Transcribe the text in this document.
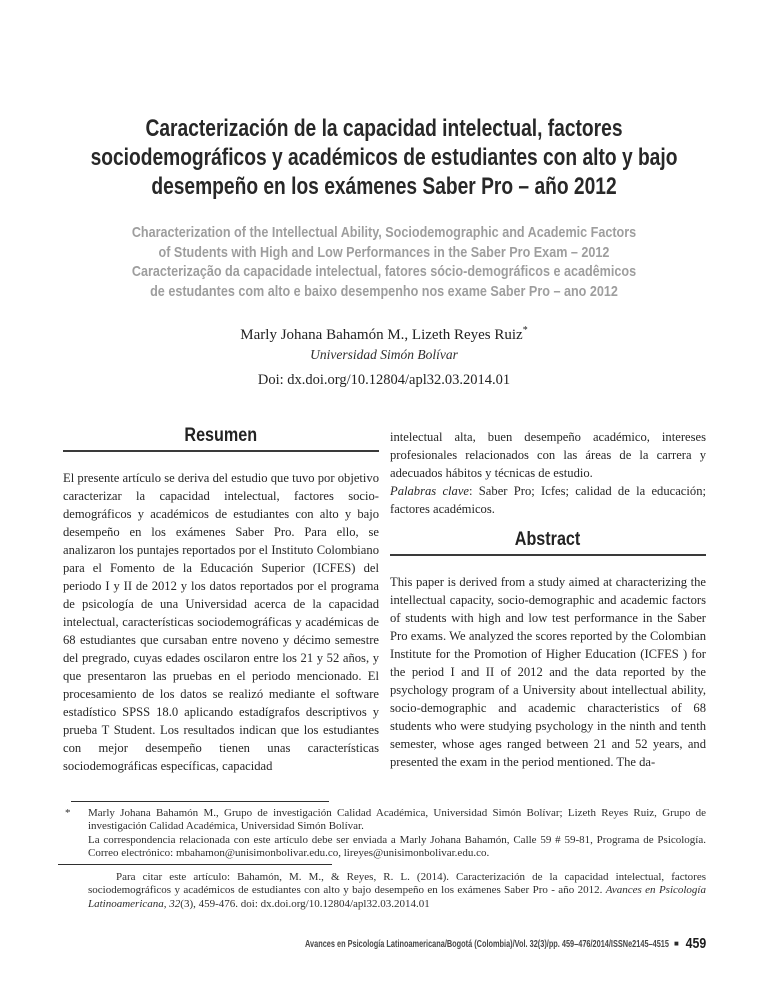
Caracterización de la capacidad intelectual, factores
sociodemográficos y académicos de estudiantes con alto y bajo
desempeño en los exámenes Saber Pro – año 2012
Characterization of the Intellectual Ability, Sociodemographic and Academic Factors
of Students with High and Low Performances in the Saber Pro Exam – 2012
Caracterização da capacidade intelectual, fatores sócio-demográficos e acadêmicos
de estudantes com alto e baixo desempenho nos exame Saber Pro – ano 2012
Marly Johana Bahamón M., Lizeth Reyes Ruiz*
Universidad Simón Bolívar
Doi: dx.doi.org/10.12804/apl32.03.2014.01
Resumen

El presente artículo se deriva del estudio que tuvo por objetivo caracterizar la capacidad intelectual, factores socio-demográficos y académicos de estudiantes con alto y bajo desempeño en los exámenes Saber Pro. Para ello, se analizaron los puntajes reportados por el Instituto Colombiano para el Fomento de la Educación Superior (ICFES) del periodo I y II de 2012 y los datos reportados por el programa de psicología de una Universidad acerca de la capacidad intelectual, características sociodemográficas y académicas de 68 estudiantes que cursaban entre noveno y décimo semestre del pregrado, cuyas edades oscilaron entre los 21 y 52 años, y que presentaron las pruebas en el periodo mencionado. El procesamiento de los datos se realizó mediante el software estadístico SPSS 18.0 aplicando estadígrafos descriptivos y prueba T Student. Los resultados indican que los estudiantes con mejor desempeño tienen unas características sociodemográficas específicas, capacidad

intelectual alta, buen desempeño académico, intereses profesionales relacionados con las áreas de la carrera y adecuados hábitos y técnicas de estudio.

Palabras clave: Saber Pro; Icfes; calidad de la educación; factores académicos.

Abstract

This paper is derived from a study aimed at characterizing the intellectual capacity, socio-demographic and academic factors of students with high and low test performance in the Saber Pro exams. We analyzed the scores reported by the Colombian Institute for the Promotion of Higher Education (ICFES ) for the period I and II of 2012 and the data reported by the psychology program of a University about intellectual ability, socio-demographic and academic characteristics of 68 students who were studying psychology in the ninth and tenth semester, whose ages ranged between 21 and 52 years, and presented the exam in the period mentioned. The da-

* Marly Johana Bahamón M., Grupo de investigación Calidad Académica, Universidad Simón Bolívar; Lizeth Reyes Ruiz, Grupo de investigación Calidad Académica, Universidad Simón Bolívar.

La correspondencia relacionada con este artículo debe ser enviada a Marly Johana Bahamón, Calle 59 # 59-81, Programa de Psicología. Correo electrónico: mbahamon@unisimonbolivar.edu.co, lireyes@unisimonbolivar.edu.co.

Para citar este artículo: Bahamón, M. M., & Reyes, R. L. (2014). Caracterización de la capacidad intelectual, factores sociodemográficos y académicos de estudiantes con alto y bajo desempeño en los exámenes Saber Pro - año 2012. Avances en Psicología Latinoamericana, 32(3), 459-476. doi: dx.doi.org/10.12804/apl32.03.2014.01

Avances en Psicología Latinoamericana/Bogotá (Colombia)/Vol. 32(3)/pp. 459–476/2014/ISSNe2145–4515 ■ 459
